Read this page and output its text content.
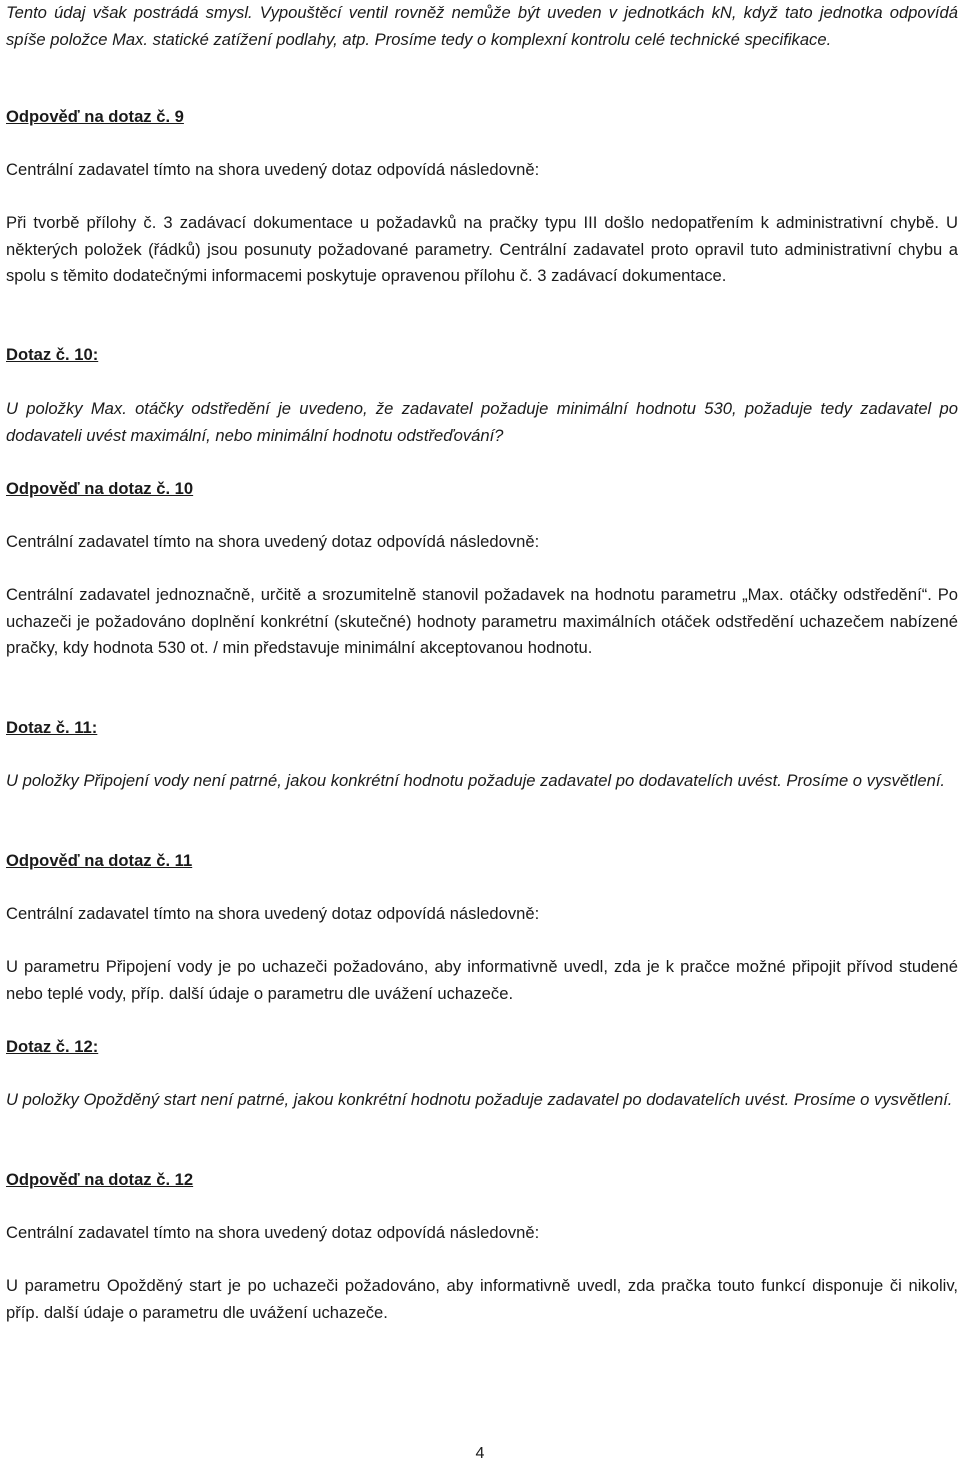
Tento údaj však postrádá smysl. Vypouštěcí ventil rovněž nemůže být uveden v jednotkách kN, když tato jednotka odpovídá spíše položce Max. statické zatížení podlahy, atp. Prosíme tedy o komplexní kontrolu celé technické specifikace.

Odpověď na dotaz č. 9

Centrální zadavatel tímto na shora uvedený dotaz odpovídá následovně:

Při tvorbě přílohy č. 3 zadávací dokumentace u požadavků na pračky typu III došlo nedopatřením k administrativní chybě. U některých položek (řádků) jsou posunuty požadované parametry. Centrální zadavatel proto opravil tuto administrativní chybu a spolu s těmito dodatečnými informacemi poskytuje opravenou přílohu č. 3 zadávací dokumentace.

Dotaz č. 10:

U položky Max. otáčky odstředění je uvedeno, že zadavatel požaduje minimální hodnotu 530, požaduje tedy zadavatel po dodavateli uvést maximální, nebo minimální hodnotu odstřeďování?

Odpověď na dotaz č. 10

Centrální zadavatel tímto na shora uvedený dotaz odpovídá následovně:

Centrální zadavatel jednoznačně, určitě a srozumitelně stanovil požadavek na hodnotu parametru „Max. otáčky odstředění“. Po uchazeči je požadováno doplnění konkrétní (skutečné) hodnoty parametru maximálních otáček odstředění uchazečem nabízené pračky, kdy hodnota 530 ot. / min představuje minimální akceptovanou hodnotu.

Dotaz č. 11:

U položky Připojení vody není patrné, jakou konkrétní hodnotu požaduje zadavatel po dodavatelích uvést. Prosíme o vysvětlení.

Odpověď na dotaz č. 11

Centrální zadavatel tímto na shora uvedený dotaz odpovídá následovně:

U parametru Připojení vody je po uchazeči požadováno, aby informativně uvedl, zda je k pračce možné připojit přívod studené nebo teplé vody, příp. další údaje o parametru dle uvážení uchazeče.

Dotaz č. 12:

U položky Opožděný start není patrné, jakou konkrétní hodnotu požaduje zadavatel po dodavatelích uvést. Prosíme o vysvětlení.

Odpověď na dotaz č. 12

Centrální zadavatel tímto na shora uvedený dotaz odpovídá následovně:

U parametru Opožděný start je po uchazeči požadováno, aby informativně uvedl, zda pračka touto funkcí disponuje či nikoliv, příp. další údaje o parametru dle uvážení uchazeče.

4
